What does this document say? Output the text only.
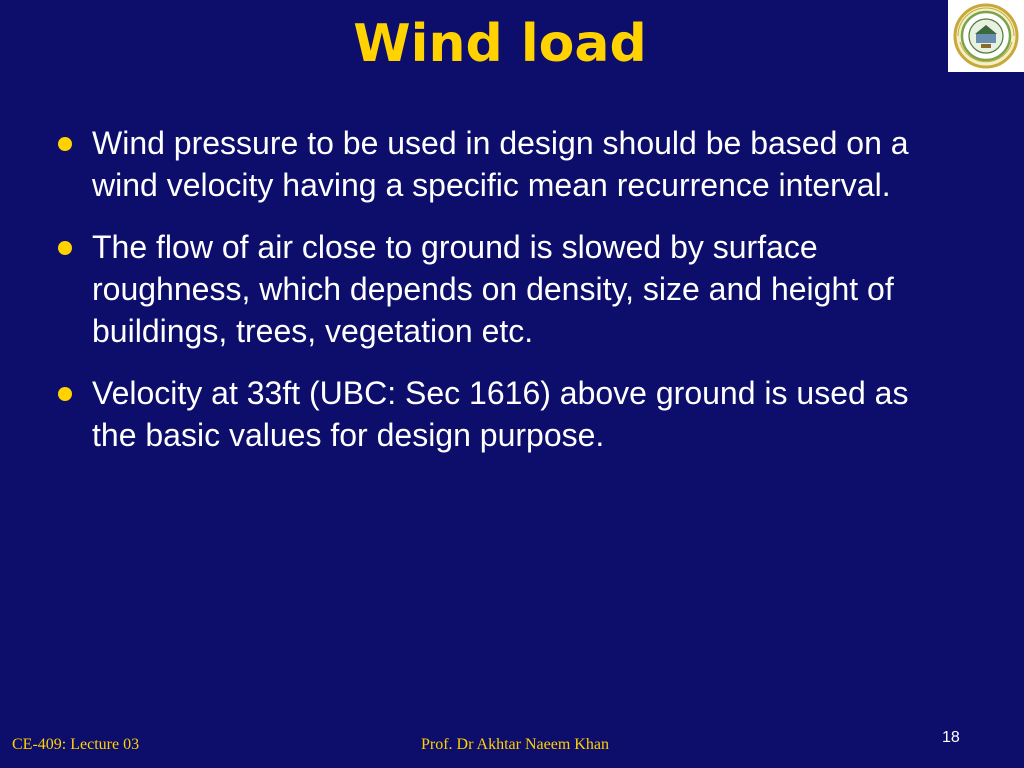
Wind load
Wind pressure to be used in design should be based on a wind velocity having a specific mean recurrence interval.
The flow of air close to ground is slowed by surface roughness, which depends on density, size and height of buildings, trees, vegetation etc.
Velocity at 33ft (UBC: Sec 1616) above ground is used as the basic values for design purpose.
CE-409: Lecture 03	Prof. Dr Akhtar Naeem Khan	18
